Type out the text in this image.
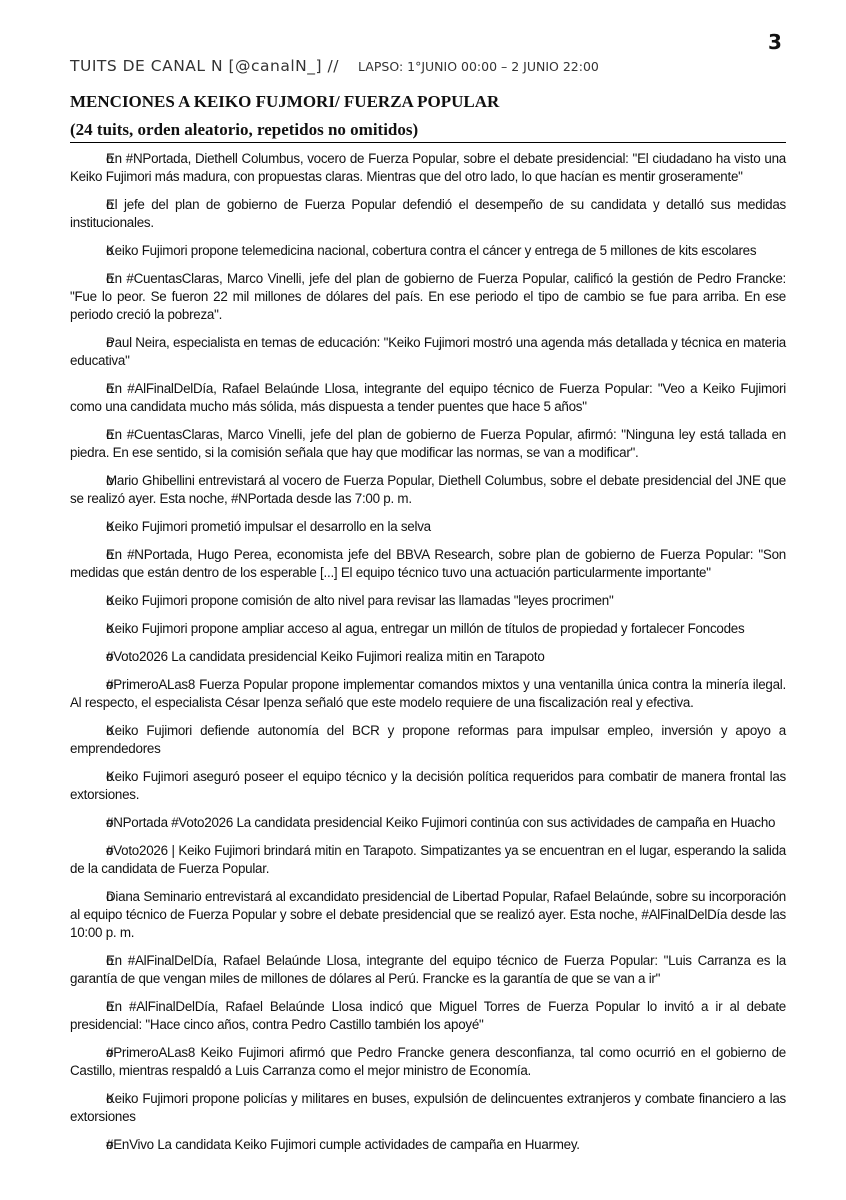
3
TUITS DE CANAL N [@canalN_] // LAPSO: 1°JUNIO 00:00 – 2 JUNIO 22:00
MENCIONES A KEIKO FUJMORI/ FUERZA POPULAR
(24 tuits, orden aleatorio, repetidos no omitidos)

o En #NPortada, Diethell Columbus, vocero de Fuerza Popular, sobre el debate presidencial: "El ciudadano ha visto una Keiko Fujimori más madura, con propuestas claras. Mientras que del otro lado, lo que hacían es mentir groseramente"

o El jefe del plan de gobierno de Fuerza Popular defendió el desempeño de su candidata y detalló sus medidas institucionales.

o Keiko Fujimori propone telemedicina nacional, cobertura contra el cáncer y entrega de 5 millones de kits escolares

o En #CuentasClaras, Marco Vinelli, jefe del plan de gobierno de Fuerza Popular, calificó la gestión de Pedro Francke: "Fue lo peor. Se fueron 22 mil millones de dólares del país. En ese periodo el tipo de cambio se fue para arriba. En ese periodo creció la pobreza".

o Paul Neira, especialista en temas de educación: "Keiko Fujimori mostró una agenda más detallada y técnica en materia educativa"

o En #AlFinalDelDía, Rafael Belaúnde Llosa, integrante del equipo técnico de Fuerza Popular: "Veo a Keiko Fujimori como una candidata mucho más sólida, más dispuesta a tender puentes que hace 5 años"

o En #CuentasClaras, Marco Vinelli, jefe del plan de gobierno de Fuerza Popular, afirmó: "Ninguna ley está tallada en piedra. En ese sentido, si la comisión señala que hay que modificar las normas, se van a modificar".

o Mario Ghibellini entrevistará al vocero de Fuerza Popular, Diethell Columbus, sobre el debate presidencial del JNE que se realizó ayer. Esta noche, #NPortada desde las 7:00 p. m.

o Keiko Fujimori prometió impulsar el desarrollo en la selva

o En #NPortada, Hugo Perea, economista jefe del BBVA Research, sobre plan de gobierno de Fuerza Popular: "Son medidas que están dentro de los esperable [...] El equipo técnico tuvo una actuación particularmente importante"

o Keiko Fujimori propone comisión de alto nivel para revisar las llamadas "leyes procrimen"

o Keiko Fujimori propone ampliar acceso al agua, entregar un millón de títulos de propiedad y fortalecer Foncodes

o #Voto2026 La candidata presidencial Keiko Fujimori realiza mitin en Tarapoto

o #PrimeroALas8 Fuerza Popular propone implementar comandos mixtos y una ventanilla única contra la minería ilegal. Al respecto, el especialista César Ipenza señaló que este modelo requiere de una fiscalización real y efectiva.

o Keiko Fujimori defiende autonomía del BCR y propone reformas para impulsar empleo, inversión y apoyo a emprendedores

o Keiko Fujimori aseguró poseer el equipo técnico y la decisión política requeridos para combatir de manera frontal las extorsiones.

o #NPortada #Voto2026 La candidata presidencial Keiko Fujimori continúa con sus actividades de campaña en Huacho

o #Voto2026 | Keiko Fujimori brindará mitin en Tarapoto. Simpatizantes ya se encuentran en el lugar, esperando la salida de la candidata de Fuerza Popular.

o Diana Seminario entrevistará al excandidato presidencial de Libertad Popular, Rafael Belaúnde, sobre su incorporación al equipo técnico de Fuerza Popular y sobre el debate presidencial que se realizó ayer. Esta noche, #AlFinalDelDía desde las 10:00 p. m.

o En #AlFinalDelDía, Rafael Belaúnde Llosa, integrante del equipo técnico de Fuerza Popular: "Luis Carranza es la garantía de que vengan miles de millones de dólares al Perú. Francke es la garantía de que se van a ir"

o En #AlFinalDelDía, Rafael Belaúnde Llosa indicó que Miguel Torres de Fuerza Popular lo invitó a ir al debate presidencial: "Hace cinco años, contra Pedro Castillo también los apoyé"

o #PrimeroALas8 Keiko Fujimori afirmó que Pedro Francke genera desconfianza, tal como ocurrió en el gobierno de Castillo, mientras respaldó a Luis Carranza como el mejor ministro de Economía.

o Keiko Fujimori propone policías y militares en buses, expulsión de delincuentes extranjeros y combate financiero a las extorsiones

o #EnVivo La candidata Keiko Fujimori cumple actividades de campaña en Huarmey.
